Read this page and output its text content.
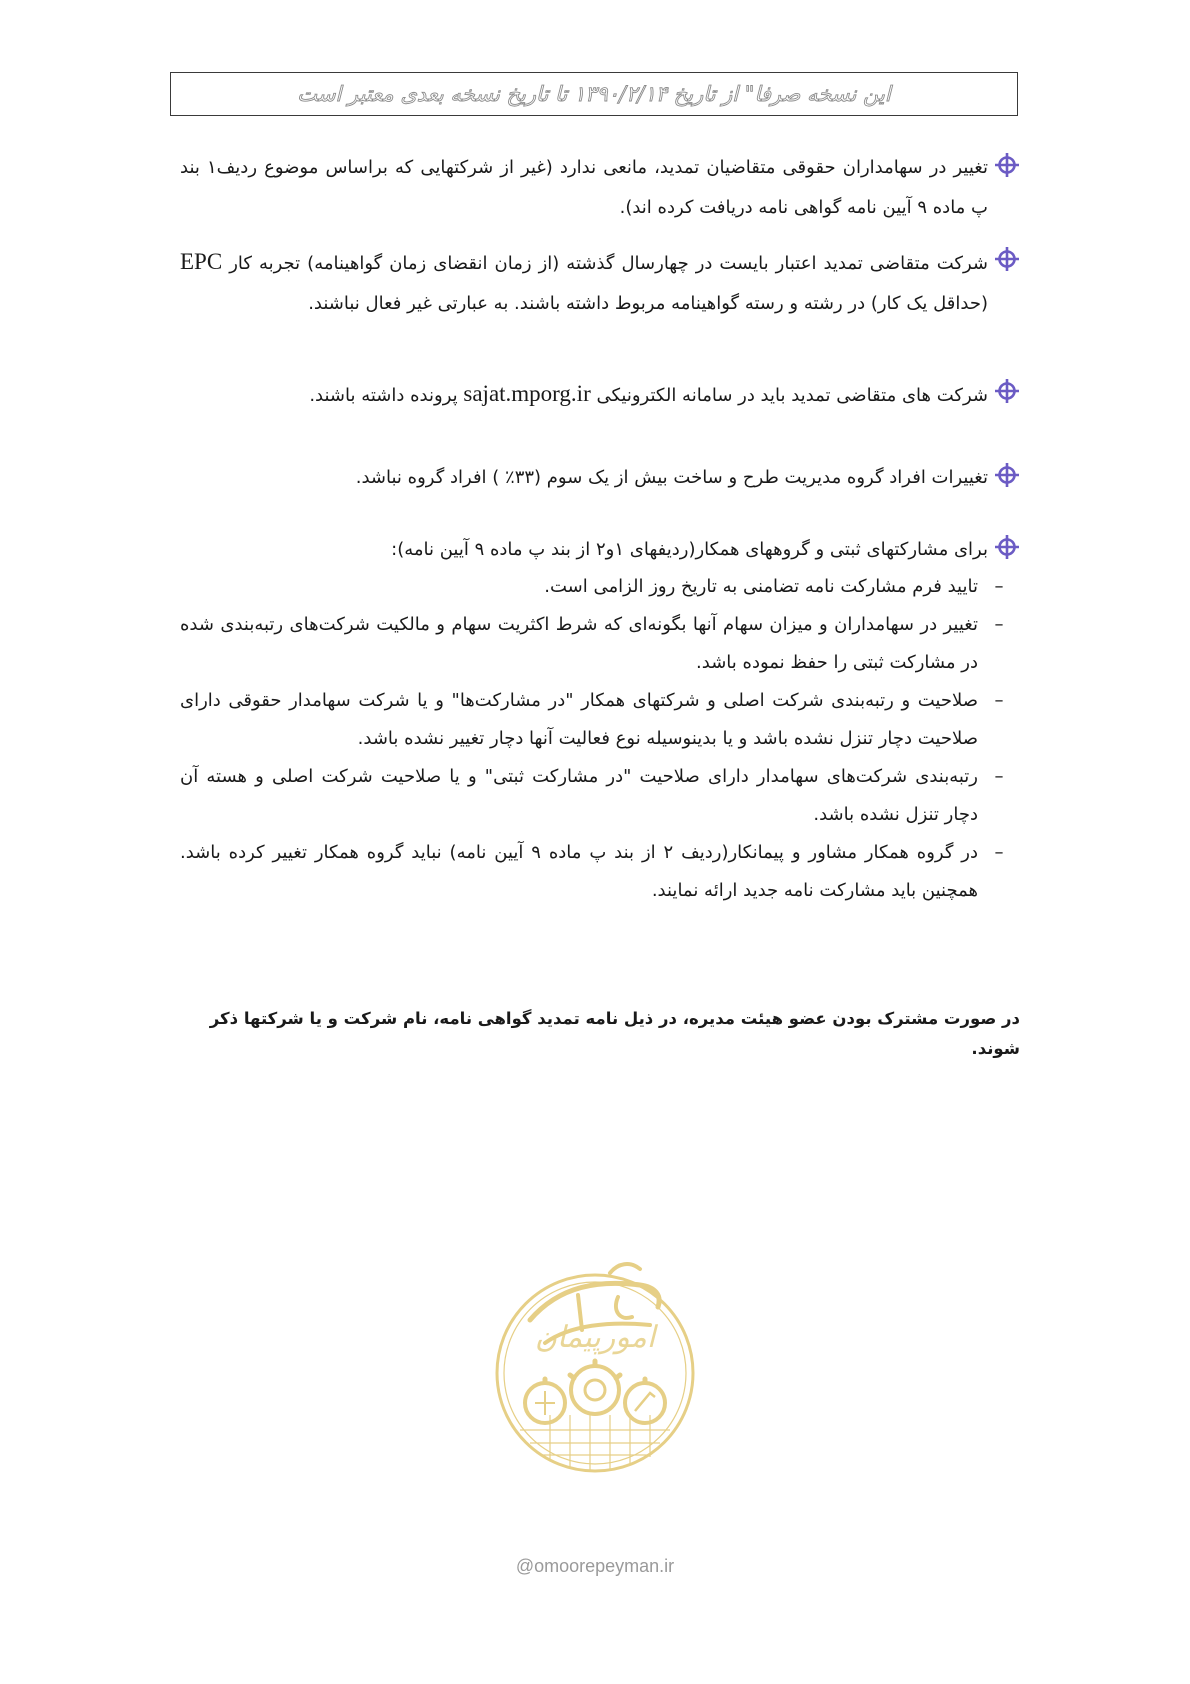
این نسخه صرفا" از تاریخ ۱۳۹۰/۲/۱۴ تا تاریخ نسخه بعدی معتبر است
تغییر در سهامداران حقوقی متقاضیان تمدید، مانعی ندارد (غیر از شرکتهایی که براساس موضوع ردیف۱ بند پ ماده ۹ آیین نامه گواهی نامه دریافت کرده اند).
شرکت متقاضی تمدید اعتبار بایست در چهارسال گذشته (از زمان انقضای زمان گواهینامه) تجربه کار EPC (حداقل یک کار) در رشته و رسته گواهینامه مربوط داشته باشند. به عبارتی غیر فعال نباشند.
شرکت های متقاضی تمدید باید در سامانه الکترونیکی sajat.mporg.ir پرونده داشته باشند.
تغییرات افراد گروه مدیریت طرح و ساخت بیش از یک سوم (۳۳٪ ) افراد گروه نباشد.
برای مشارکتهای ثبتی و گروههای همکار(ردیفهای ۱و۲ از بند پ ماده ۹ آیین نامه):
–
تایید فرم مشارکت نامه تضامنی به تاریخ روز الزامی است.
–
تغییر در سهامداران و میزان سهام آنها بگونه‌ای که شرط اکثریت سهام و مالکیت شرکت‌های رتبه‌بندی شده در مشارکت ثبتی را حفظ نموده باشد.
–
صلاحیت و رتبه‌بندی شرکت اصلی و شرکتهای همکار "در مشارکت‌ها" و یا شرکت سهامدار حقوقی دارای صلاحیت دچار تنزل نشده باشد و یا بدینوسیله نوع فعالیت آنها دچار تغییر نشده باشد.
–
رتبه‌بندی شرکت‌های سهامدار دارای صلاحیت "در مشارکت ثبتی" و یا صلاحیت شرکت اصلی و هسته آن دچار تنزل نشده باشد.
–
در گروه همکار مشاور و پیمانکار(ردیف ۲ از بند پ ماده ۹ آیین نامه) نباید گروه همکار تغییر کرده باشد. همچنین باید مشارکت نامه جدید ارائه نمایند.
در صورت مشترک بودن عضو هیئت مدیره، در ذیل نامه تمدید گواهی نامه، نام شرکت و یا شرکتها ذکر شوند.
امورپیمان
@omoorepeyman.ir
